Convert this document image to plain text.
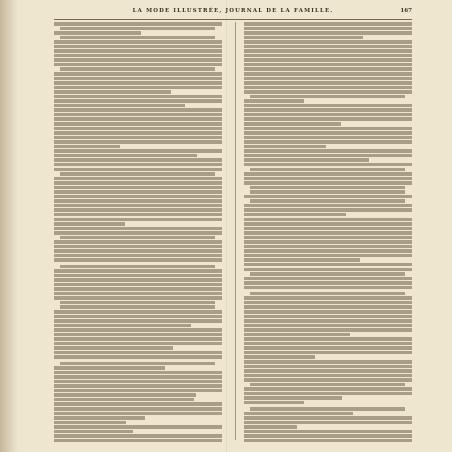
LA MODE ILLUSTRÉE, JOURNAL DE LA FAMILLE.	167
